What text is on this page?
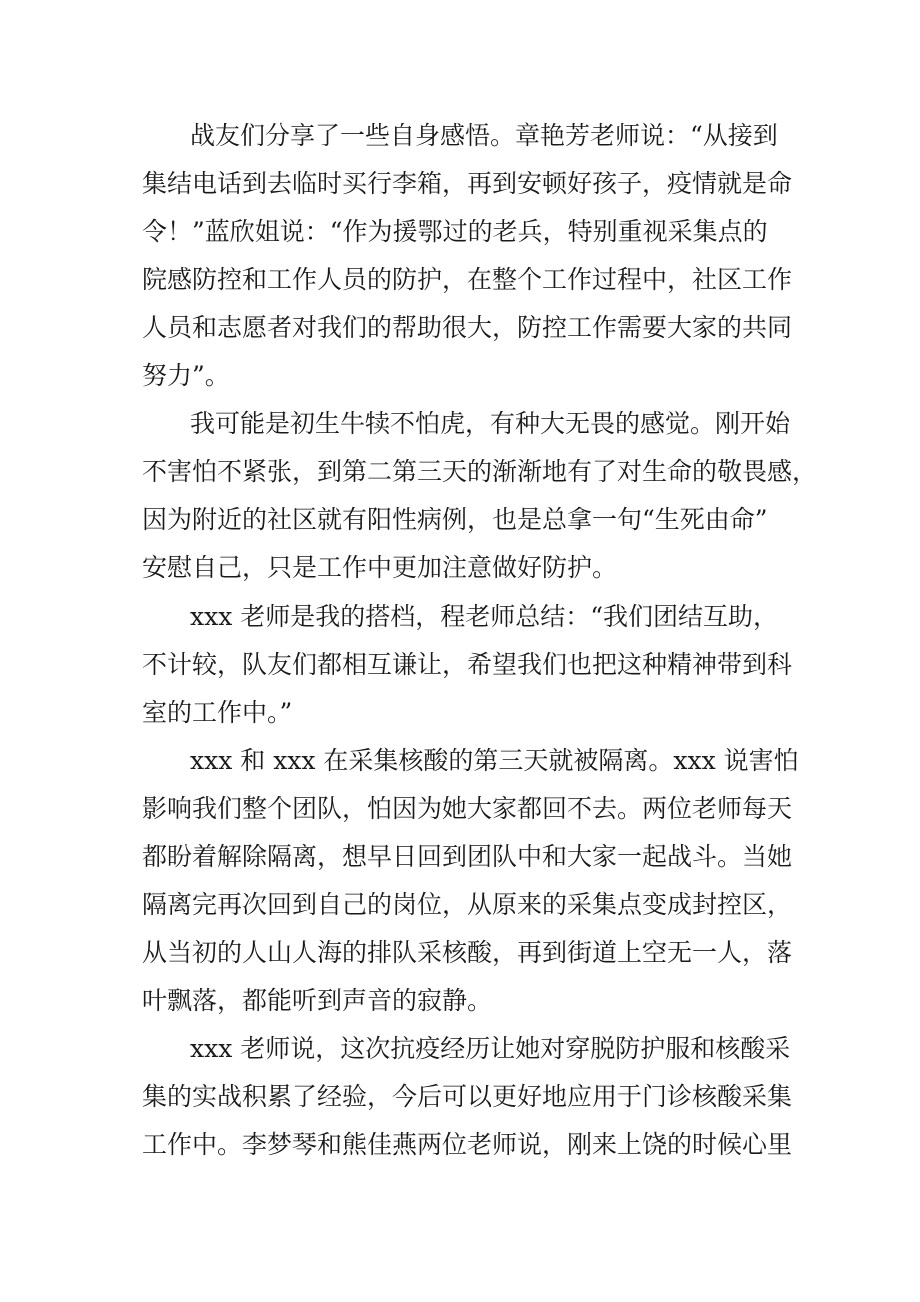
战友们分享了一些自身感悟。章艳芳老师说：“从接到

集结电话到去临时买行李箱，再到安顿好孩子，疫情就是命

令！”蓝欣姐说：“作为援鄂过的老兵，特别重视采集点的

院感防控和工作人员的防护，在整个工作过程中，社区工作

人员和志愿者对我们的帮助很大，防控工作需要大家的共同

努力”。

我可能是初生牛犊不怕虎，有种大无畏的感觉。刚开始

不害怕不紧张，到第二第三天的渐渐地有了对生命的敬畏感，

因为附近的社区就有阳性病例，也是总拿一句“生死由命”

安慰自己，只是工作中更加注意做好防护。

xxx 老师是我的搭档，程老师总结：“我们团结互助，

不计较，队友们都相互谦让，希望我们也把这种精神带到科

室的工作中。”

xxx 和 xxx 在采集核酸的第三天就被隔离。xxx 说害怕

影响我们整个团队，怕因为她大家都回不去。两位老师每天

都盼着解除隔离，想早日回到团队中和大家一起战斗。当她

隔离完再次回到自己的岗位，从原来的采集点变成封控区，

从当初的人山人海的排队采核酸，再到街道上空无一人，落

叶飘落，都能听到声音的寂静。

xxx 老师说，这次抗疫经历让她对穿脱防护服和核酸采

集的实战积累了经验，今后可以更好地应用于门诊核酸采集

工作中。李梦琴和熊佳燕两位老师说，刚来上饶的时候心里
